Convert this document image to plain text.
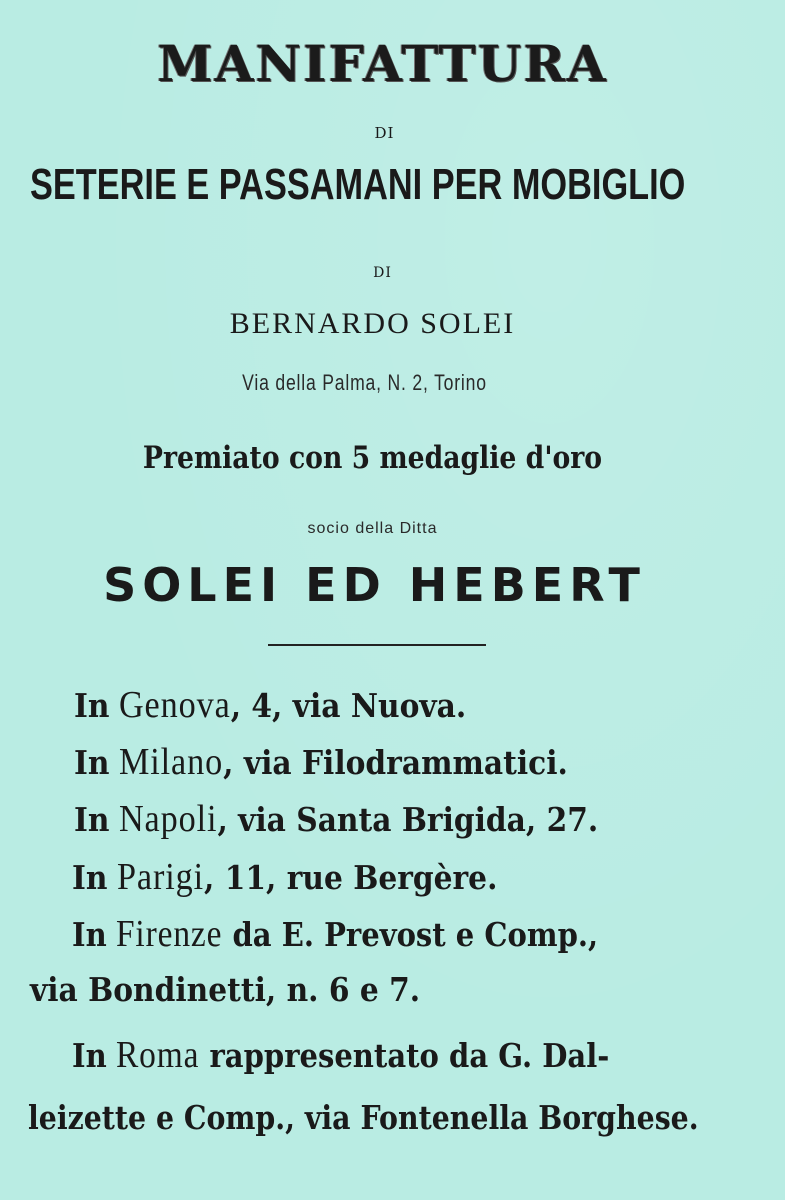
MANIFATTURA
DI
SETERIE E PASSAMANI PER MOBIGLIO
DI
BERNARDO SOLEI
Via della Palma, N. 2, Torino
Premiato con 5 medaglie d'oro
socio della Ditta
SOLEI ED HEBERT
In Genova, 4, via Nuova.
In Milano, via Filodrammatici.
In Napoli, via Santa Brigida, 27.
In Parigi, 11, rue Bergère.
In Firenze da E. Prevost e Comp.,
via Bondinetti, n. 6 e 7.
In Roma rappresentato da G. Dal-
leizette e Comp., via Fontenella Borghese.
